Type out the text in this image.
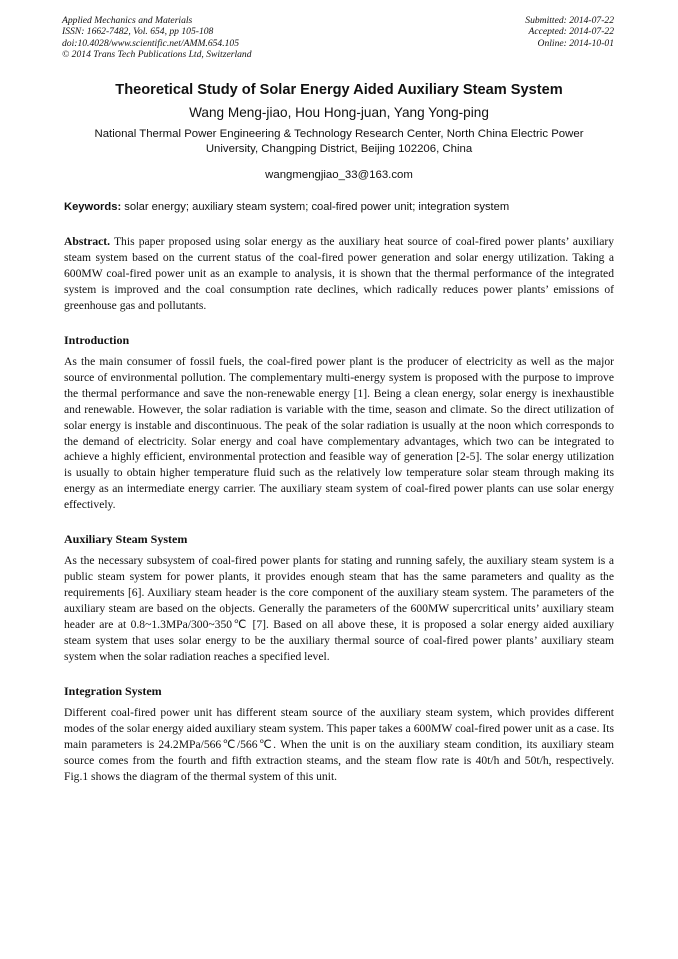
Applied Mechanics and Materials
ISSN: 1662-7482, Vol. 654, pp 105-108
doi:10.4028/www.scientific.net/AMM.654.105
© 2014 Trans Tech Publications Ltd, Switzerland
Submitted: 2014-07-22
Accepted: 2014-07-22
Online: 2014-10-01
Theoretical Study of Solar Energy Aided Auxiliary Steam System

Wang Meng-jiao, Hou Hong-juan, Yang Yong-ping

National Thermal Power Engineering & Technology Research Center, North China Electric Power
University, Changping District, Beijing 102206, China

wangmengjiao_33@163.com

Keywords: solar energy; auxiliary steam system; coal-fired power unit; integration system

Abstract. This paper proposed using solar energy as the auxiliary heat source of coal-fired power plants’ auxiliary steam system based on the current status of the coal-fired power generation and solar energy utilization. Taking a 600MW coal-fired power unit as an example to analysis, it is shown that the thermal performance of the integrated system is improved and the coal consumption rate declines, which radically reduces power plants’ emissions of greenhouse gas and pollutants.

Introduction

As the main consumer of fossil fuels, the coal-fired power plant is the producer of electricity as well as the major source of environmental pollution. The complementary multi-energy system is proposed with the purpose to improve the thermal performance and save the non-renewable energy [1]. Being a clean energy, solar energy is inexhaustible and renewable. However, the solar radiation is variable with the time, season and climate. So the direct utilization of solar energy is instable and discontinuous. The peak of the solar radiation is usually at the noon which corresponds to the demand of electricity. Solar energy and coal have complementary advantages, which two can be integrated to achieve a highly efficient, environmental protection and feasible way of generation [2-5]. The solar energy utilization is usually to obtain higher temperature fluid such as the relatively low temperature solar steam through making its energy as an intermediate energy carrier. The auxiliary steam system of coal-fired power plants can use solar energy effectively.

Auxiliary Steam System

As the necessary subsystem of coal-fired power plants for stating and running safely, the auxiliary steam system is a public steam system for power plants, it provides enough steam that has the same parameters and quality as the requirements [6]. Auxiliary steam header is the core component of the auxiliary steam system. The parameters of the auxiliary steam are based on the objects. Generally the parameters of the 600MW supercritical units’ auxiliary steam header are at 0.8~1.3MPa/300~350℃ [7]. Based on all above these, it is proposed a solar energy aided auxiliary steam system that uses solar energy to be the auxiliary thermal source of coal-fired power plants’ auxiliary steam system when the solar radiation reaches a specified level.

Integration System

Different coal-fired power unit has different steam source of the auxiliary steam system, which provides different modes of the solar energy aided auxiliary steam system. This paper takes a 600MW coal-fired power unit as a case. Its main parameters is 24.2MPa/566℃/566℃. When the unit is on the auxiliary steam condition, its auxiliary steam source comes from the fourth and fifth extraction steams, and the steam flow rate is 40t/h and 50t/h, respectively. Fig.1 shows the diagram of the thermal system of this unit.
